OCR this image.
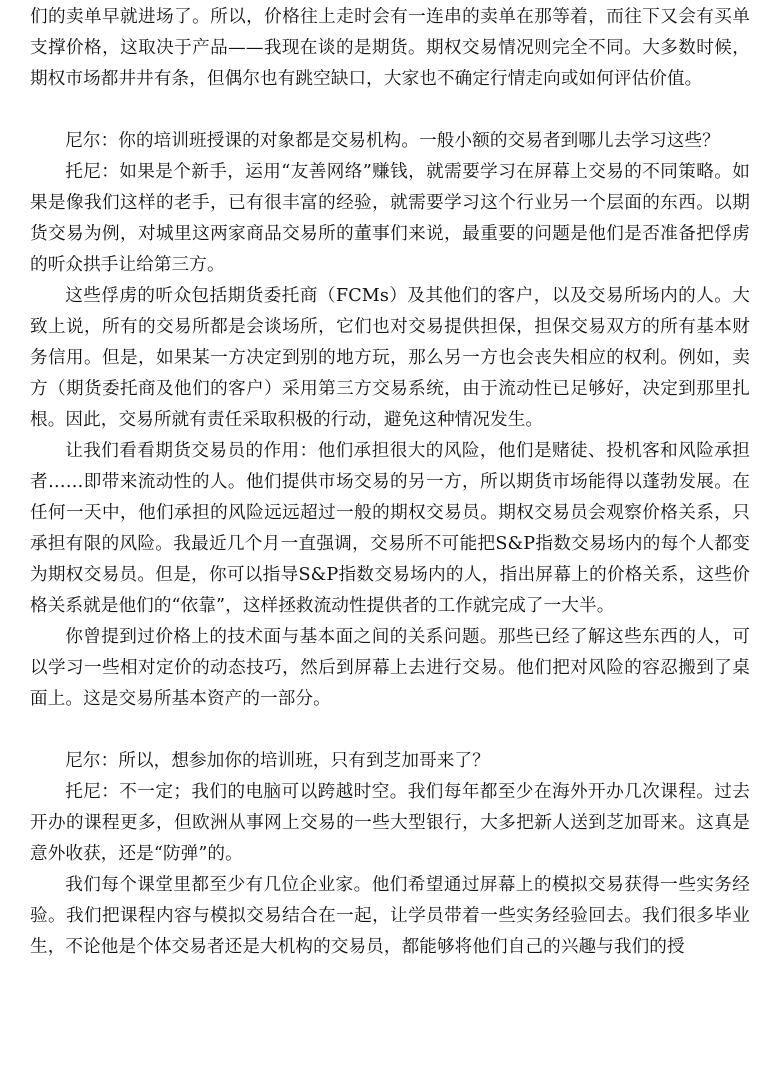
们的卖单早就进场了。所以，价格往上走时会有一连串的卖单在那等着，而往下又会有买单支撑价格，这取决于产品——我现在谈的是期货。期权交易情况则完全不同。大多数时候，期权市场都井井有条，但偶尔也有跳空缺口，大家也不确定行情走向或如何评估价值。

尼尔：你的培训班授课的对象都是交易机构。一般小额的交易者到哪儿去学习这些？

托尼：如果是个新手，运用“友善网络”赚钱，就需要学习在屏幕上交易的不同策略。如果是像我们这样的老手，已有很丰富的经验，就需要学习这个行业另一个层面的东西。以期货交易为例，对城里这两家商品交易所的董事们来说，最重要的问题是他们是否准备把俘虏的听众拱手让给第三方。

这些俘虏的听众包括期货委托商（FCMs）及其他们的客户，以及交易所场内的人。大致上说，所有的交易所都是会谈场所，它们也对交易提供担保，担保交易双方的所有基本财务信用。但是，如果某一方决定到别的地方玩，那么另一方也会丧失相应的权利。例如，卖方（期货委托商及他们的客户）采用第三方交易系统，由于流动性已足够好，决定到那里扎根。因此，交易所就有责任采取积极的行动，避免这种情况发生。

让我们看看期货交易员的作用：他们承担很大的风险，他们是赌徒、投机客和风险承担者……即带来流动性的人。他们提供市场交易的另一方，所以期货市场能得以蓬勃发展。在任何一天中，他们承担的风险远远超过一般的期权交易员。期权交易员会观察价格关系，只承担有限的风险。我最近几个月一直强调，交易所不可能把S&P指数交易场内的每个人都变为期权交易员。但是，你可以指导S&P指数交易场内的人，指出屏幕上的价格关系，这些价格关系就是他们的“依靠”，这样拯救流动性提供者的工作就完成了一大半。

你曾提到过价格上的技术面与基本面之间的关系问题。那些已经了解这些东西的人，可以学习一些相对定价的动态技巧，然后到屏幕上去进行交易。他们把对风险的容忍搬到了桌面上。这是交易所基本资产的一部分。

尼尔：所以，想参加你的培训班，只有到芝加哥来了？

托尼：不一定；我们的电脑可以跨越时空。我们每年都至少在海外开办几次课程。过去开办的课程更多，但欧洲从事网上交易的一些大型银行，大多把新人送到芝加哥来。这真是意外收获，还是“防弹”的。

我们每个课堂里都至少有几位企业家。他们希望通过屏幕上的模拟交易获得一些实务经验。我们把课程内容与模拟交易结合在一起，让学员带着一些实务经验回去。我们很多毕业生，不论他是个体交易者还是大机构的交易员，都能够将他们自己的兴趣与我们的授
